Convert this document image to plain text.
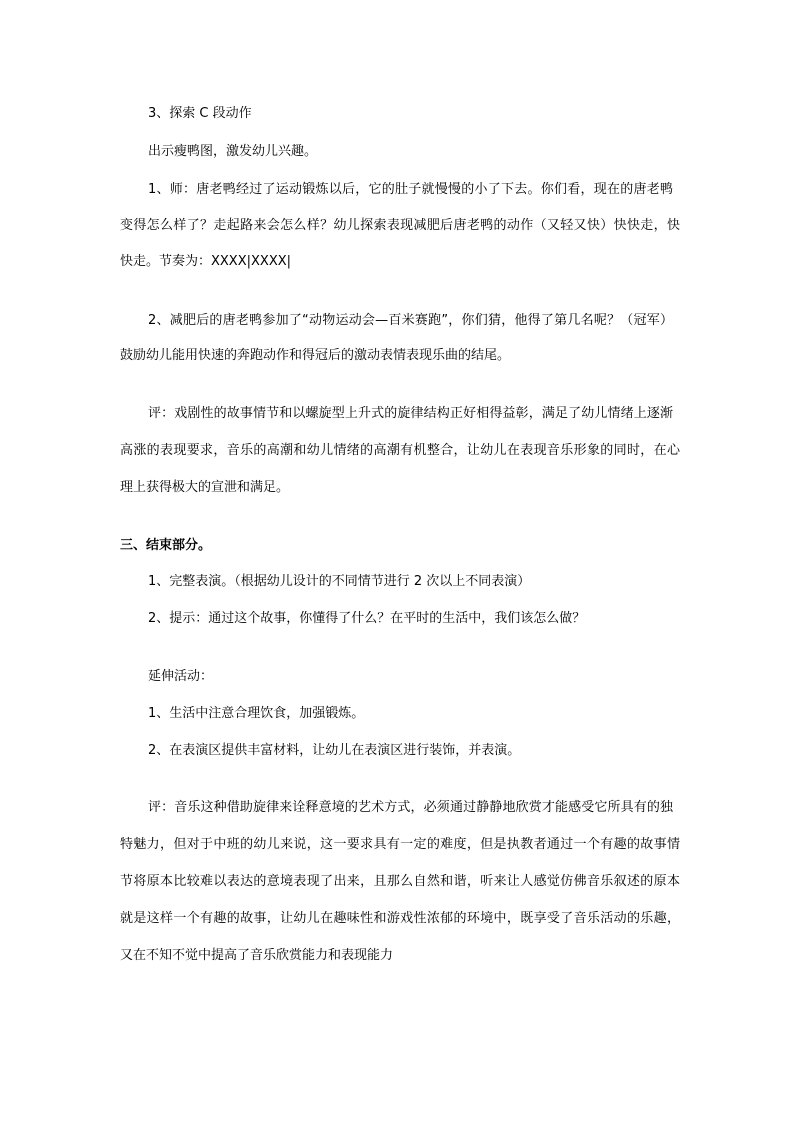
3、探索 C 段动作
出示瘦鸭图，激发幼儿兴趣。
1、师：唐老鸭经过了运动锻炼以后，它的肚子就慢慢的小了下去。你们看，现在的唐老鸭
变得怎么样了？走起路来会怎么样？幼儿探索表现减肥后唐老鸭的动作（又轻又快）快快走，快
快走。节奏为：XXXX|XXXX|
2、减肥后的唐老鸭参加了“动物运动会—百米赛跑”，你们猜，他得了第几名呢？（冠军）
鼓励幼儿能用快速的奔跑动作和得冠后的激动表情表现乐曲的结尾。
评：戏剧性的故事情节和以螺旋型上升式的旋律结构正好相得益彰，满足了幼儿情绪上逐渐
高涨的表现要求，音乐的高潮和幼儿情绪的高潮有机整合，让幼儿在表现音乐形象的同时，在心
理上获得极大的宣泄和满足。
三、结束部分。
1、完整表演。（根据幼儿设计的不同情节进行 2 次以上不同表演）
2、提示：通过这个故事，你懂得了什么？在平时的生活中，我们该怎么做？
延伸活动：
1、生活中注意合理饮食，加强锻炼。
2、在表演区提供丰富材料，让幼儿在表演区进行装饰，并表演。
评：音乐这种借助旋律来诠释意境的艺术方式，必须通过静静地欣赏才能感受它所具有的独
特魅力，但对于中班的幼儿来说，这一要求具有一定的难度，但是执教者通过一个有趣的故事情
节将原本比较难以表达的意境表现了出来，且那么自然和谐，听来让人感觉仿佛音乐叙述的原本
就是这样一个有趣的故事，让幼儿在趣味性和游戏性浓郁的环境中，既享受了音乐活动的乐趣，
又在不知不觉中提高了音乐欣赏能力和表现能力
